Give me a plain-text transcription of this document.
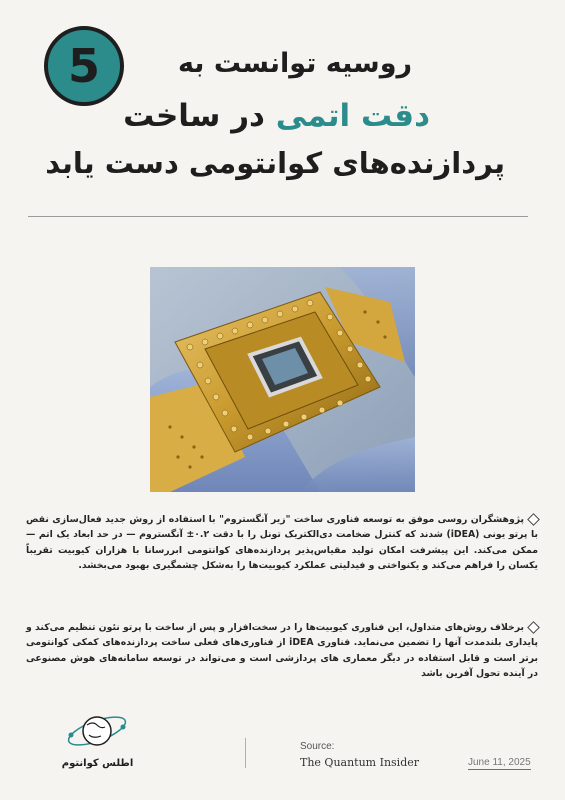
5	روسیه توانست به
دقت اتمی در ساخت
پردازنده‌های کوانتومی دست یابد
پژوهشگران روسی موفق به توسعه فناوری ساخت "زیر آنگستروم" با استفاده از روش جدید فعال‌سازی نقص با پرتو یونی (iDEA) شدند که کنترل ضخامت دی‌الکتریک تونل را با دقت ۰.۲± آنگستروم — در حد ابعاد یک اتم — ممکن می‌کند. این پیشرفت امکان تولید مقیاس‌پذیر پردازنده‌های کوانتومی ابررسانا با هزاران کیوبیت تقریباً یکسان را فراهم می‌کند و یکنواختی و فیدلیتی عملکرد کیوبیت‌ها را به‌شکل چشمگیری بهبود می‌بخشد.
برخلاف روش‌های متداول، این فناوری کیوبیت‌ها را در سخت‌افزار و پس از ساخت با پرتو نئون تنظیم می‌کند و پایداری بلندمدت آنها را تضمین می‌نماید. فناوری iDEA از فناوری‌های فعلی ساخت پردازنده‌های کمکی کوانتومی برتر است و قابل استفاده در دیگر معماری های پردازشی است و می‌تواند در توسعه سامانه‌های هوش مصنوعی در آینده تحول آفرین باشد
اطلس کوانتوم
Source:
The Quantum Insider	June 11, 2025
